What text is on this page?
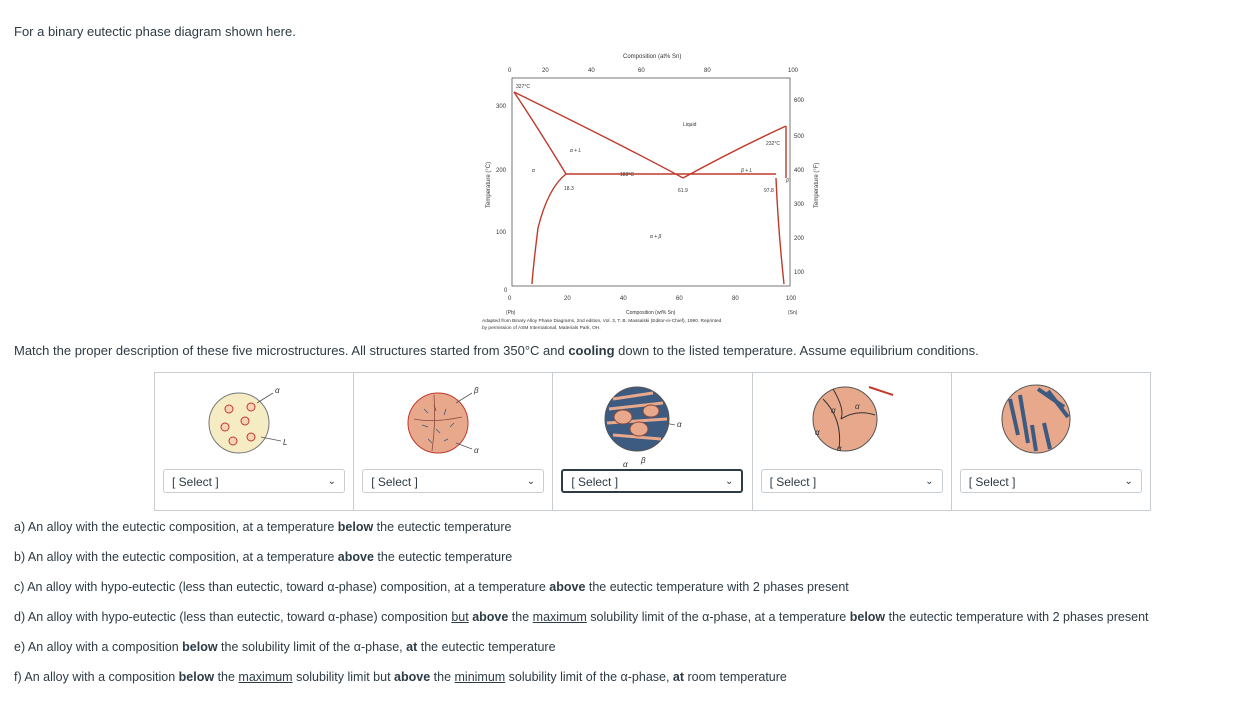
For a binary eutectic phase diagram shown here.
Composition (at% Sn)
0	20	40	60	80	100
300
200
100
0
600
500
400
300
200
100
Temperature (°C)	Temperature (°F)
327°C
232°C
183°C
18.3	61.9	97.8
Liquid
α + L
β + L
α + β
α
β
0	20	40	60	80	100
(Pb)	Composition (wt% Sn)	(Sn)
Adapted from Binary Alloy Phase Diagrams, 2nd edition, Vol. 3, T. B. Massalski (Editor-in-Chief), 1990. Reprinted
by permission of ASM International, Materials Park, OH.
Match the proper description of these five microstructures. All structures started from 350°C and cooling down to the listed temperature. Assume equilibrium conditions.
α
L
[ Select ]	⌄

β
α
[ Select ]	⌄

α
β
α
[ Select ]	⌄

α α
α
α
[ Select ]	⌄	[ Select ]	⌄

a) An alloy with the eutectic composition, at a temperature below the eutectic temperature

b) An alloy with the eutectic composition, at a temperature above the eutectic temperature

c) An alloy with hypo-eutectic (less than eutectic, toward α-phase) composition, at a temperature above the eutectic temperature with 2 phases present

d) An alloy with hypo-eutectic (less than eutectic, toward α-phase) composition but above the maximum solubility limit of the α-phase, at a temperature below the eutectic temperature with 2 phases present

e) An alloy with a composition below the solubility limit of the α-phase, at the eutectic temperature

f) An alloy with a composition below the maximum solubility limit but above the minimum solubility limit of the α-phase, at room temperature
